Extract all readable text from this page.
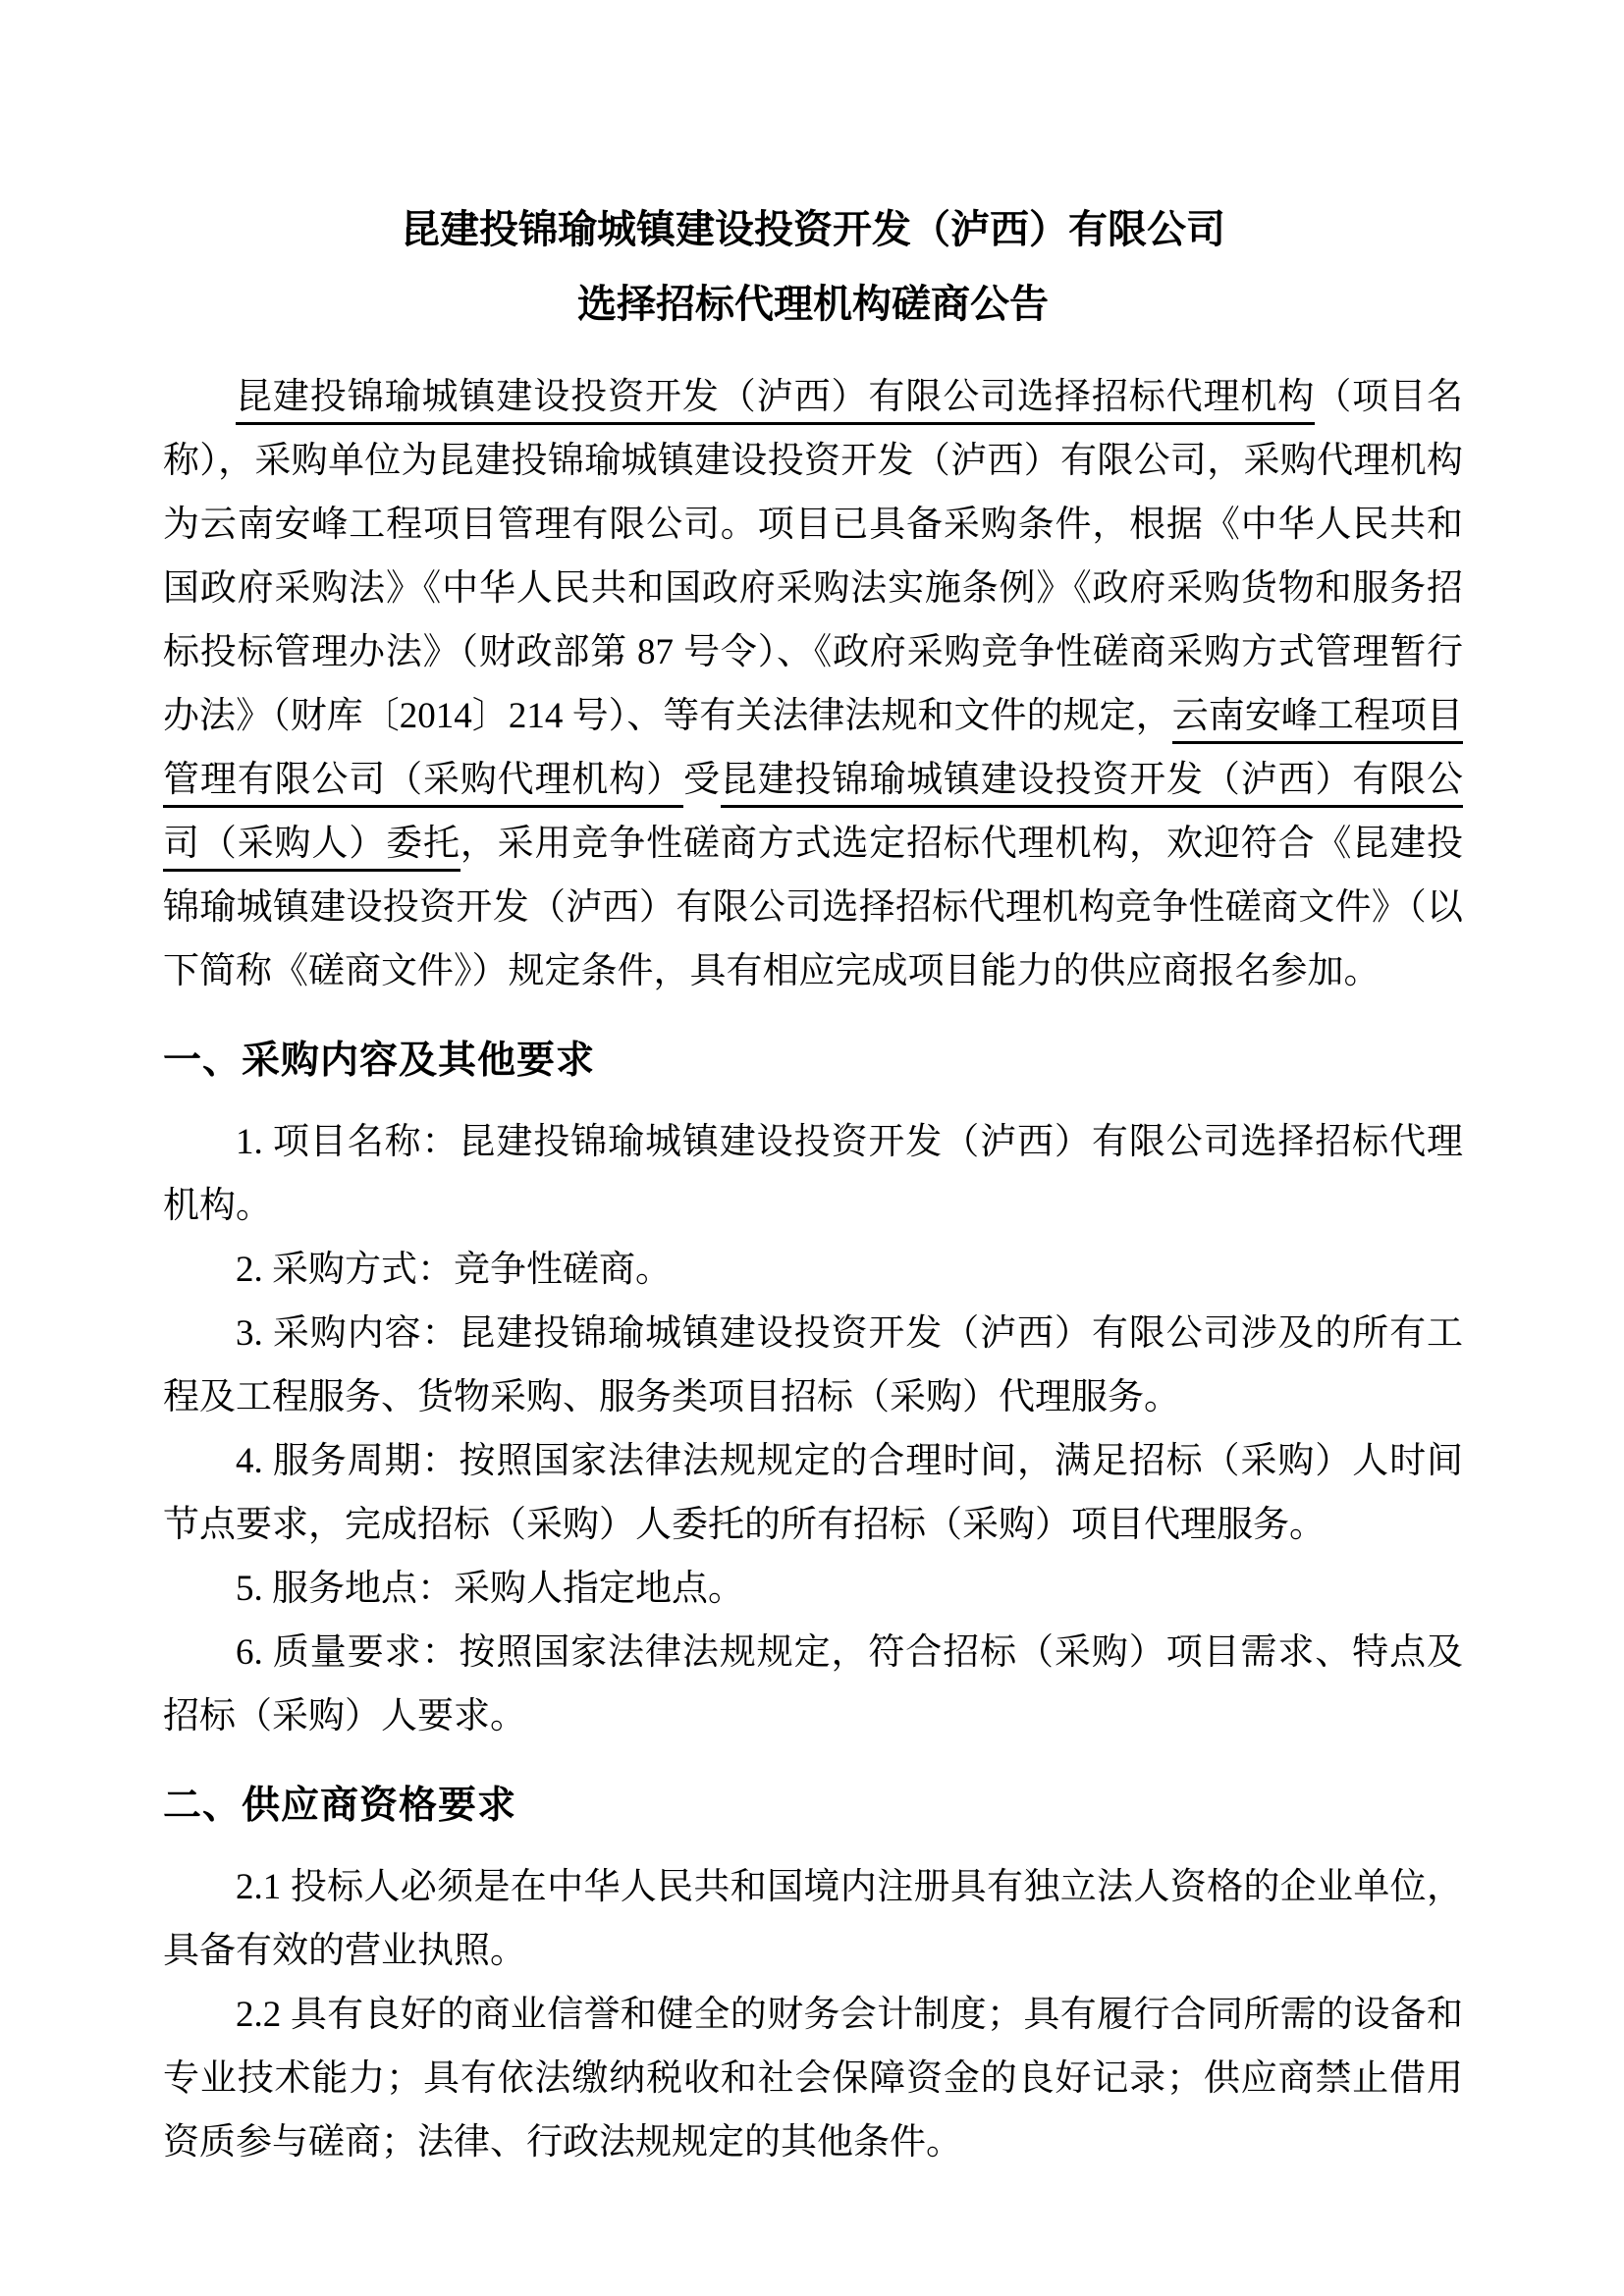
昆建投锦瑜城镇建设投资开发（泸西）有限公司
选择招标代理机构磋商公告

昆建投锦瑜城镇建设投资开发（泸西）有限公司选择招标代理机构（项目名称），采购单位为昆建投锦瑜城镇建设投资开发（泸西）有限公司，采购代理机构为云南安峰工程项目管理有限公司。项目已具备采购条件，根据《中华人民共和国政府采购法》《中华人民共和国政府采购法实施条例》《政府采购货物和服务招标投标管理办法》（财政部第 87 号令）、《政府采购竞争性磋商采购方式管理暂行办法》（财库〔2014〕214 号）、等有关法律法规和文件的规定，云南安峰工程项目管理有限公司（采购代理机构）受昆建投锦瑜城镇建设投资开发（泸西）有限公司（采购人）委托，采用竞争性磋商方式选定招标代理机构，欢迎符合《昆建投锦瑜城镇建设投资开发（泸西）有限公司选择招标代理机构竞争性磋商文件》（以下简称《磋商文件》）规定条件，具有相应完成项目能力的供应商报名参加。

一、采购内容及其他要求

1. 项目名称：昆建投锦瑜城镇建设投资开发（泸西）有限公司选择招标代理机构。

2. 采购方式：竞争性磋商。

3. 采购内容：昆建投锦瑜城镇建设投资开发（泸西）有限公司涉及的所有工程及工程服务、货物采购、服务类项目招标（采购）代理服务。

4. 服务周期：按照国家法律法规规定的合理时间，满足招标（采购）人时间节点要求，完成招标（采购）人委托的所有招标（采购）项目代理服务。

5. 服务地点：采购人指定地点。

6. 质量要求：按照国家法律法规规定，符合招标（采购）项目需求、特点及招标（采购）人要求。

二、供应商资格要求

2.1 投标人必须是在中华人民共和国境内注册具有独立法人资格的企业单位，具备有效的营业执照。

2.2 具有良好的商业信誉和健全的财务会计制度；具有履行合同所需的设备和专业技术能力；具有依法缴纳税收和社会保障资金的良好记录；供应商禁止借用资质参与磋商；法律、行政法规规定的其他条件。
